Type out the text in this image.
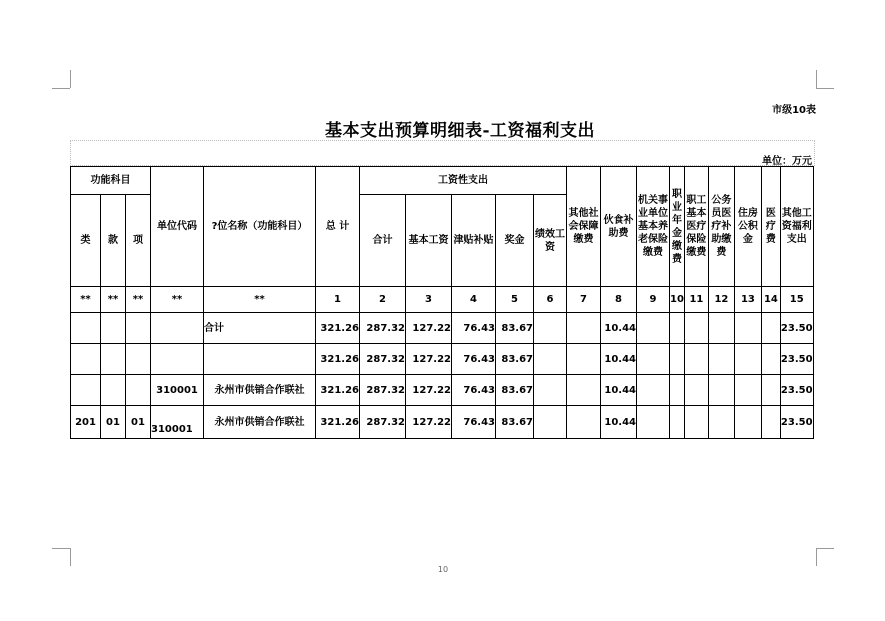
市级10表
基本支出预算明细表-工资福利支出
单位：万元
功能科目			单位代码	?位名称（功能科目）	总 计	工资性支出					其他社会保障缴费	伙食补助费	机关事业单位基本养老保险缴费	职业年金缴费	职工基本医疗保险缴费	公务员医疗补助缴费	住房公积金	医疗费	其他工资福利支出
类	款	项				合计	基本工资	津贴补贴	奖金	绩效工资									
**	**	**	**	**	1	2	3	4	5	6	7	8	9	10	11	12	13	14	15
				合计	321.26	287.32	127.22	76.43	83.67			10.44							23.50
					321.26	287.32	127.22	76.43	83.67			10.44							23.50
			310001	永州市供销合作联社	321.26	287.32	127.22	76.43	83.67			10.44							23.50
201	01	01	310001	永州市供销合作联社	321.26	287.32	127.22	76.43	83.67			10.44							23.50
10
